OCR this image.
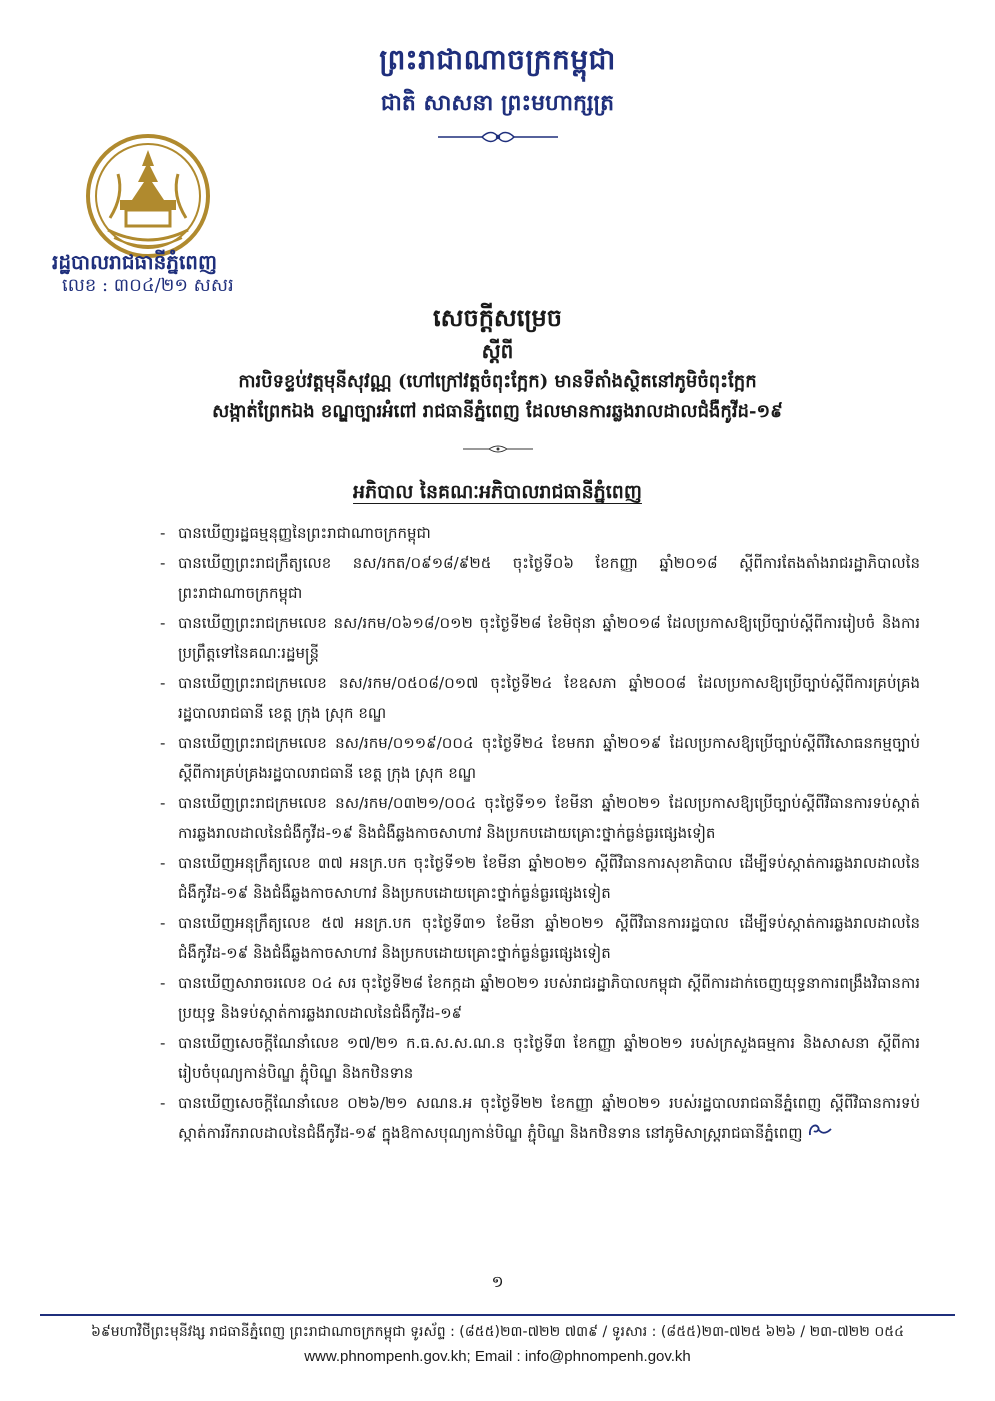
ព្រះរាជាណាចក្រកម្ពុជា
ជាតិ សាសនា ព្រះមហាក្សត្រ
រដ្ឋបាលរាជធានីភ្នំពេញ
លេខ : ៣០៤/២១ សសរ
សេចក្តីសម្រេច
ស្តីពី
ការបិទខ្ទប់វត្តមុនីសុវណ្ណ (ហៅក្រៅវត្តចំពុះក្អែក) មានទីតាំងស្ថិតនៅភូមិចំពុះក្អែក
សង្កាត់ព្រែកឯង ខណ្ឌច្បារអំពៅ រាជធានីភ្នំពេញ ដែលមានការឆ្លងរាលដាលជំងឺកូវីដ-១៩
អភិបាល នៃគណៈអភិបាលរាជធានីភ្នំពេញ
- បានឃើញរដ្ឋធម្មនុញ្ញនៃព្រះរាជាណាចក្រកម្ពុជា
- បានឃើញព្រះរាជក្រឹត្យលេខ នស/រកត/០៩១៨/៩២៥ ចុះថ្ងៃទី០៦ ខែកញ្ញា ឆ្នាំ២០១៨ ស្តីពីការតែងតាំងរាជរដ្ឋាភិបាលនៃព្រះរាជាណាចក្រកម្ពុជា
- បានឃើញព្រះរាជក្រមលេខ នស/រកម/០៦១៨/០១២ ចុះថ្ងៃទី២៨ ខែមិថុនា ឆ្នាំ២០១៨ ដែលប្រកាសឱ្យប្រើច្បាប់ស្តីពីការរៀបចំ និងការប្រព្រឹត្តទៅនៃគណៈរដ្ឋមន្ត្រី
- បានឃើញព្រះរាជក្រមលេខ នស/រកម/០៥០៨/០១៧ ចុះថ្ងៃទី២៤ ខែឧសភា ឆ្នាំ២០០៨ ដែលប្រកាសឱ្យប្រើច្បាប់ស្តីពីការគ្រប់គ្រងរដ្ឋបាលរាជធានី ខេត្ត ក្រុង ស្រុក ខណ្ឌ
- បានឃើញព្រះរាជក្រមលេខ នស/រកម/០១១៩/០០៤ ចុះថ្ងៃទី២៤ ខែមករា ឆ្នាំ២០១៩ ដែលប្រកាសឱ្យប្រើច្បាប់ស្តីពីវិសោធនកម្មច្បាប់ស្តីពីការគ្រប់គ្រងរដ្ឋបាលរាជធានី ខេត្ត ក្រុង ស្រុក ខណ្ឌ
- បានឃើញព្រះរាជក្រមលេខ នស/រកម/០៣២១/០០៤ ចុះថ្ងៃទី១១ ខែមីនា ឆ្នាំ២០២១ ដែលប្រកាសឱ្យប្រើច្បាប់ស្តីពីវិធានការទប់ស្កាត់ការឆ្លងរាលដាលនៃជំងឺកូវីដ-១៩ និងជំងឺឆ្លងកាចសាហាវ និងប្រកបដោយគ្រោះថ្នាក់ធ្ងន់ធ្ងរផ្សេងទៀត
- បានឃើញអនុក្រឹត្យលេខ ៣៧ អនក្រ.បក ចុះថ្ងៃទី១២ ខែមីនា ឆ្នាំ២០២១ ស្តីពីវិធានការសុខាភិបាល ដើម្បីទប់ស្កាត់ការឆ្លងរាលដាលនៃជំងឺកូវីដ-១៩ និងជំងឺឆ្លងកាចសាហាវ និងប្រកបដោយគ្រោះថ្នាក់ធ្ងន់ធ្ងរផ្សេងទៀត
- បានឃើញអនុក្រឹត្យលេខ ៥៧ អនក្រ.បក ចុះថ្ងៃទី៣១ ខែមីនា ឆ្នាំ២០២១ ស្តីពីវិធានការរដ្ឋបាល ដើម្បីទប់ស្កាត់ការឆ្លងរាលដាលនៃជំងឺកូវីដ-១៩ និងជំងឺឆ្លងកាចសាហាវ និងប្រកបដោយគ្រោះថ្នាក់ធ្ងន់ធ្ងរផ្សេងទៀត
- បានឃើញសារាចរលេខ ០៤ សរ ចុះថ្ងៃទី២៨ ខែកក្កដា ឆ្នាំ២០២១ របស់រាជរដ្ឋាភិបាលកម្ពុជា ស្តីពីការដាក់ចេញយុទ្ធនាការពង្រឹងវិធានការប្រយុទ្ធ និងទប់ស្កាត់ការឆ្លងរាលដាលនៃជំងឺកូវីដ-១៩
- បានឃើញសេចក្តីណែនាំលេខ ១៧/២១ ក.ធ.ស.ស.ណ.ន ចុះថ្ងៃទី៣ ខែកញ្ញា ឆ្នាំ២០២១ របស់ក្រសួងធម្មការ និងសាសនា ស្តីពីការរៀបចំបុណ្យកាន់បិណ្ឌ ភ្ជុំបិណ្ឌ និងកឋិនទាន
- បានឃើញសេចក្តីណែនាំលេខ ០២៦/២១ សណន.អ ចុះថ្ងៃទី២២ ខែកញ្ញា ឆ្នាំ២០២១ របស់រដ្ឋបាលរាជធានីភ្នំពេញ ស្តីពីវិធានការទប់ស្កាត់ការរីករាលដាលនៃជំងឺកូវីដ-១៩ ក្នុងឱកាសបុណ្យកាន់បិណ្ឌ ភ្ជុំបិណ្ឌ និងកឋិនទាន នៅភូមិសាស្ត្ររាជធានីភ្នំពេញ
១
៦៩មហាវិថីព្រះមុនីវង្ស រាជធានីភ្នំពេញ ព្រះរាជាណាចក្រកម្ពុជា ទូរស័ព្ទ : (៨៥៥)២៣-៧២២ ៧៣៩ / ទូរសារ : (៨៥៥)២៣-៧២៥ ៦២៦ / ២៣-៧២២ ០៥៤
www.phnompenh.gov.kh; Email : info@phnompenh.gov.kh
